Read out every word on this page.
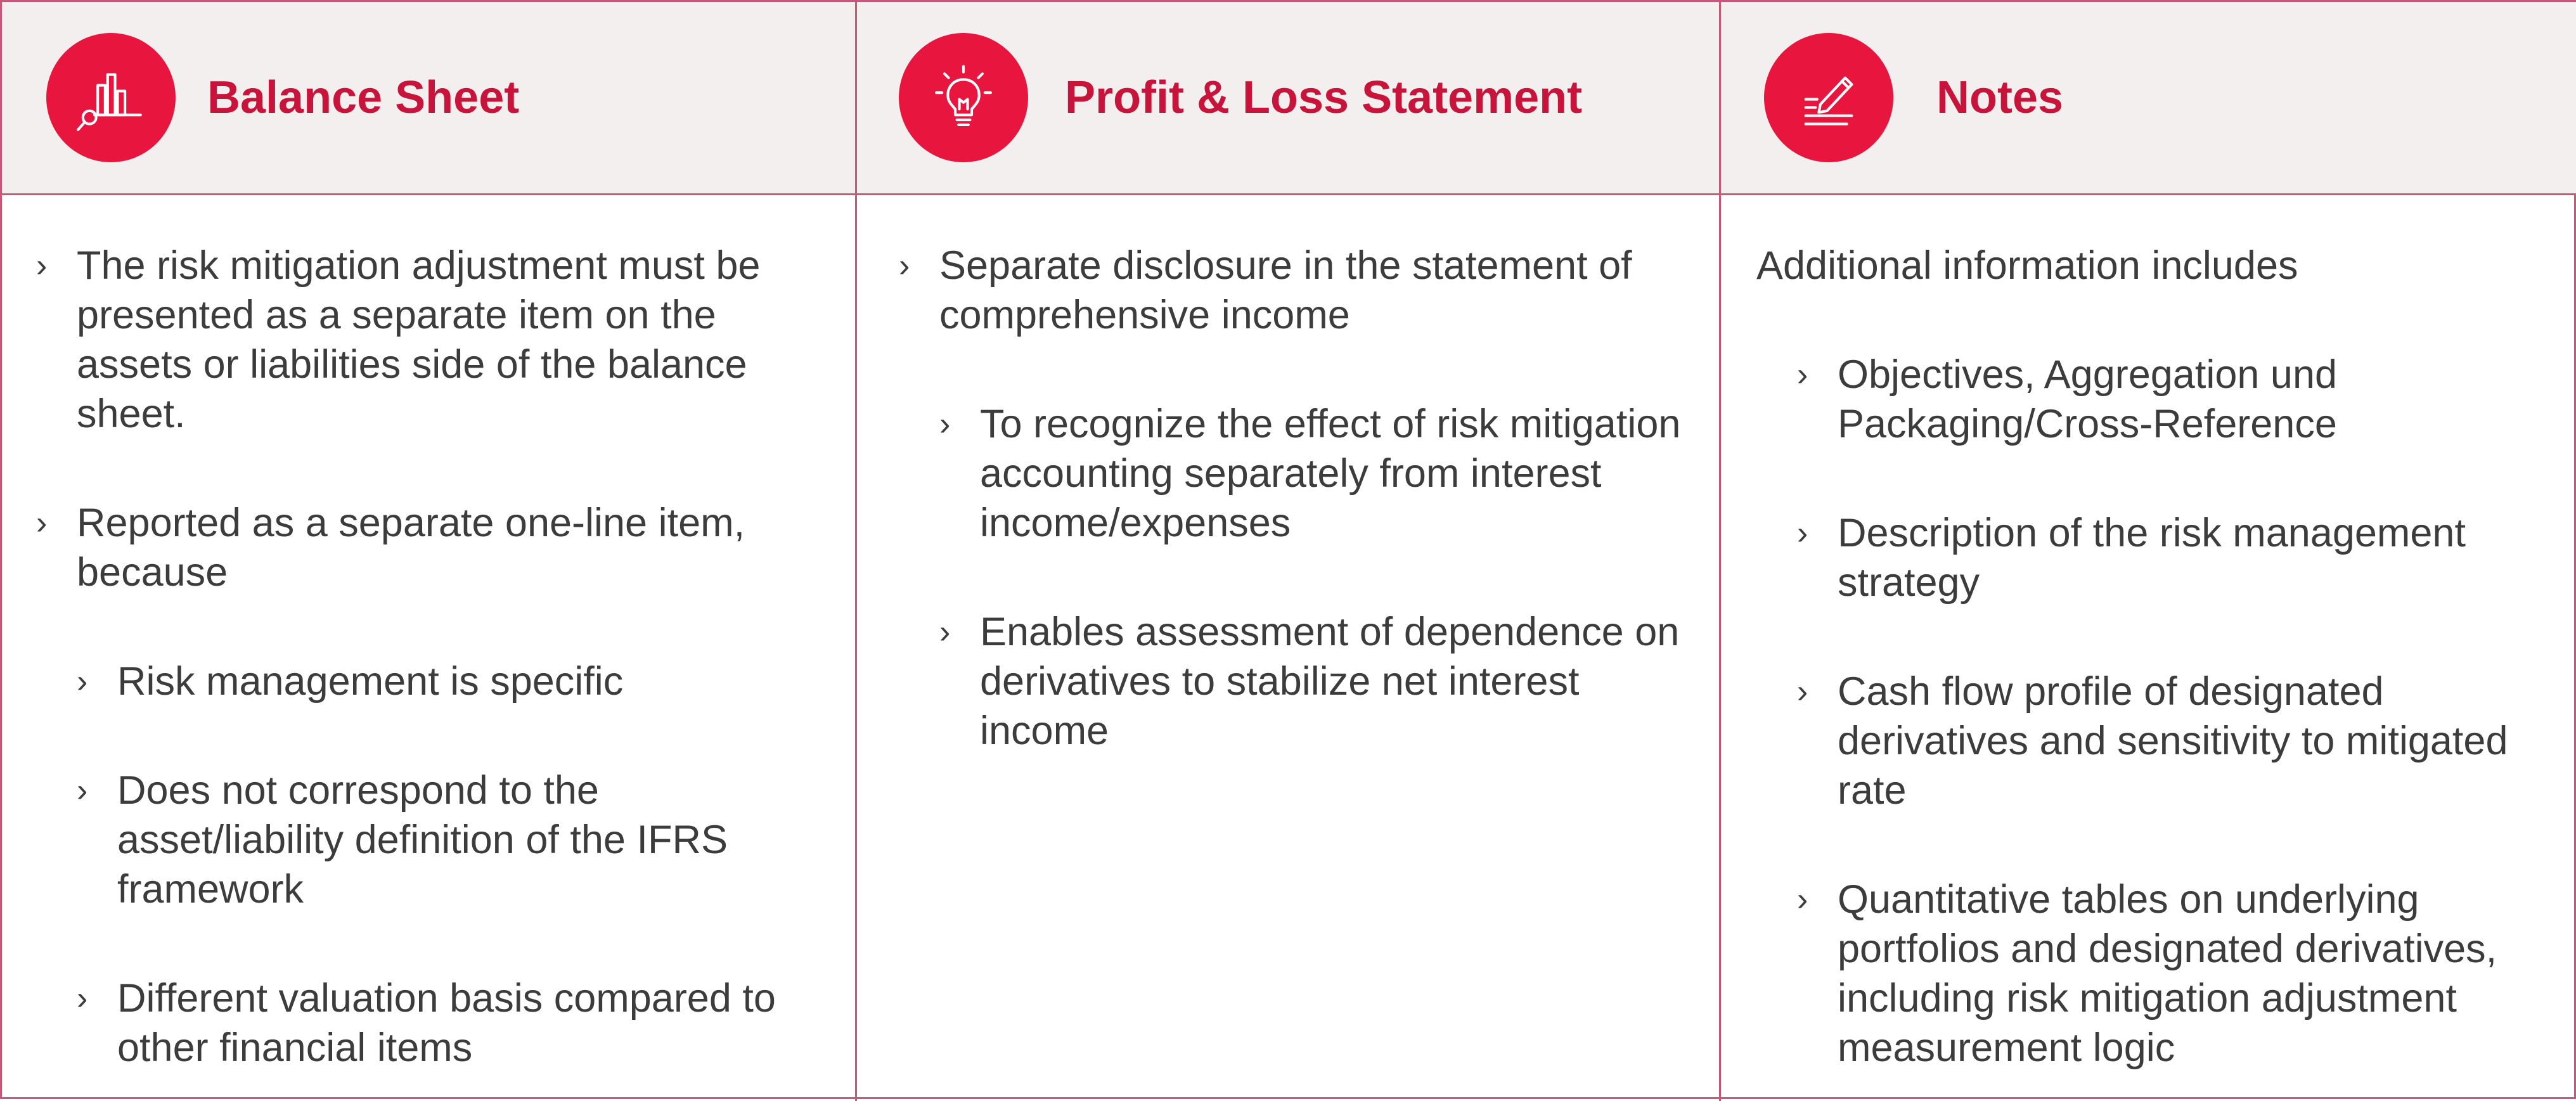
Balance Sheet	Profit & Loss Statement	Notes
› The risk mitigation adjustment must be presented as a separate item on the assets or liabilities side of the balance sheet.
› Reported as a separate one-line item, because
› Risk management is specific
› Does not correspond to the asset/liability definition of the IFRS framework
› Different valuation basis compared to other financial items
› Separate disclosure in the statement of comprehensive income
› To recognize the effect of risk mitigation accounting separately from interest income/expenses
› Enables assessment of dependence on derivatives to stabilize net interest income
Additional information includes
› Objectives, Aggregation und Packaging/Cross-Reference
› Description of the risk management strategy
› Cash flow profile of designated derivatives and sensitivity to mitigated rate
› Quantitative tables on underlying portfolios and designated derivatives, including risk mitigation adjustment measurement logic
